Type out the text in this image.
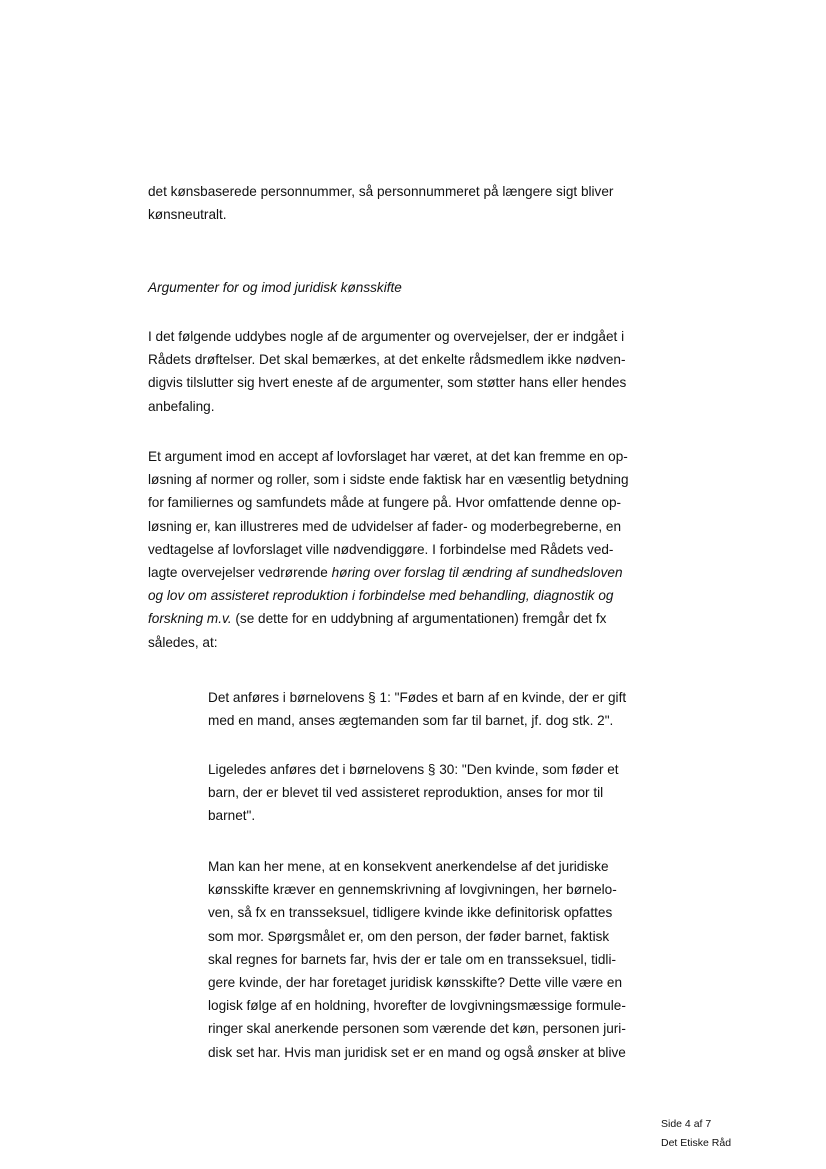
det kønsbaserede personnummer, så personnummeret på længere sigt bliver
kønsneutralt.
Argumenter for og imod juridisk kønsskifte
I det følgende uddybes nogle af de argumenter og overvejelser, der er indgået i
Rådets drøftelser. Det skal bemærkes, at det enkelte rådsmedlem ikke nødven-
digvis tilslutter sig hvert eneste af de argumenter, som støtter hans eller hendes
anbefaling.
Et argument imod en accept af lovforslaget har været, at det kan fremme en op-
løsning af normer og roller, som i sidste ende faktisk har en væsentlig betydning
for familiernes og samfundets måde at fungere på. Hvor omfattende denne op-
løsning er, kan illustreres med de udvidelser af fader- og moderbegreberne, en
vedtagelse af lovforslaget ville nødvendiggøre. I forbindelse med Rådets ved-
lagte overvejelser vedrørende høring over forslag til ændring af sundhedsloven
og lov om assisteret reproduktion i forbindelse med behandling, diagnostik og
forskning m.v. (se dette for en uddybning af argumentationen) fremgår det fx
således, at:
Det anføres i børnelovens § 1: "Fødes et barn af en kvinde, der er gift
med en mand, anses ægtemanden som far til barnet, jf. dog stk. 2".
Ligeledes anføres det i børnelovens § 30: "Den kvinde, som føder et
barn, der er blevet til ved assisteret reproduktion, anses for mor til
barnet".
Man kan her mene, at en konsekvent anerkendelse af det juridiske
kønsskifte kræver en gennemskrivning af lovgivningen, her børnelo-
ven, så fx en transseksuel, tidligere kvinde ikke definitorisk opfattes
som mor. Spørgsmålet er, om den person, der føder barnet, faktisk
skal regnes for barnets far, hvis der er tale om en transseksuel, tidli-
gere kvinde, der har foretaget juridisk kønsskifte? Dette ville være en
logisk følge af en holdning, hvorefter de lovgivningsmæssige formule-
ringer skal anerkende personen som værende det køn, personen juri-
disk set har. Hvis man juridisk set er en mand og også ønsker at blive
Side 4 af 7
Det Etiske Råd
